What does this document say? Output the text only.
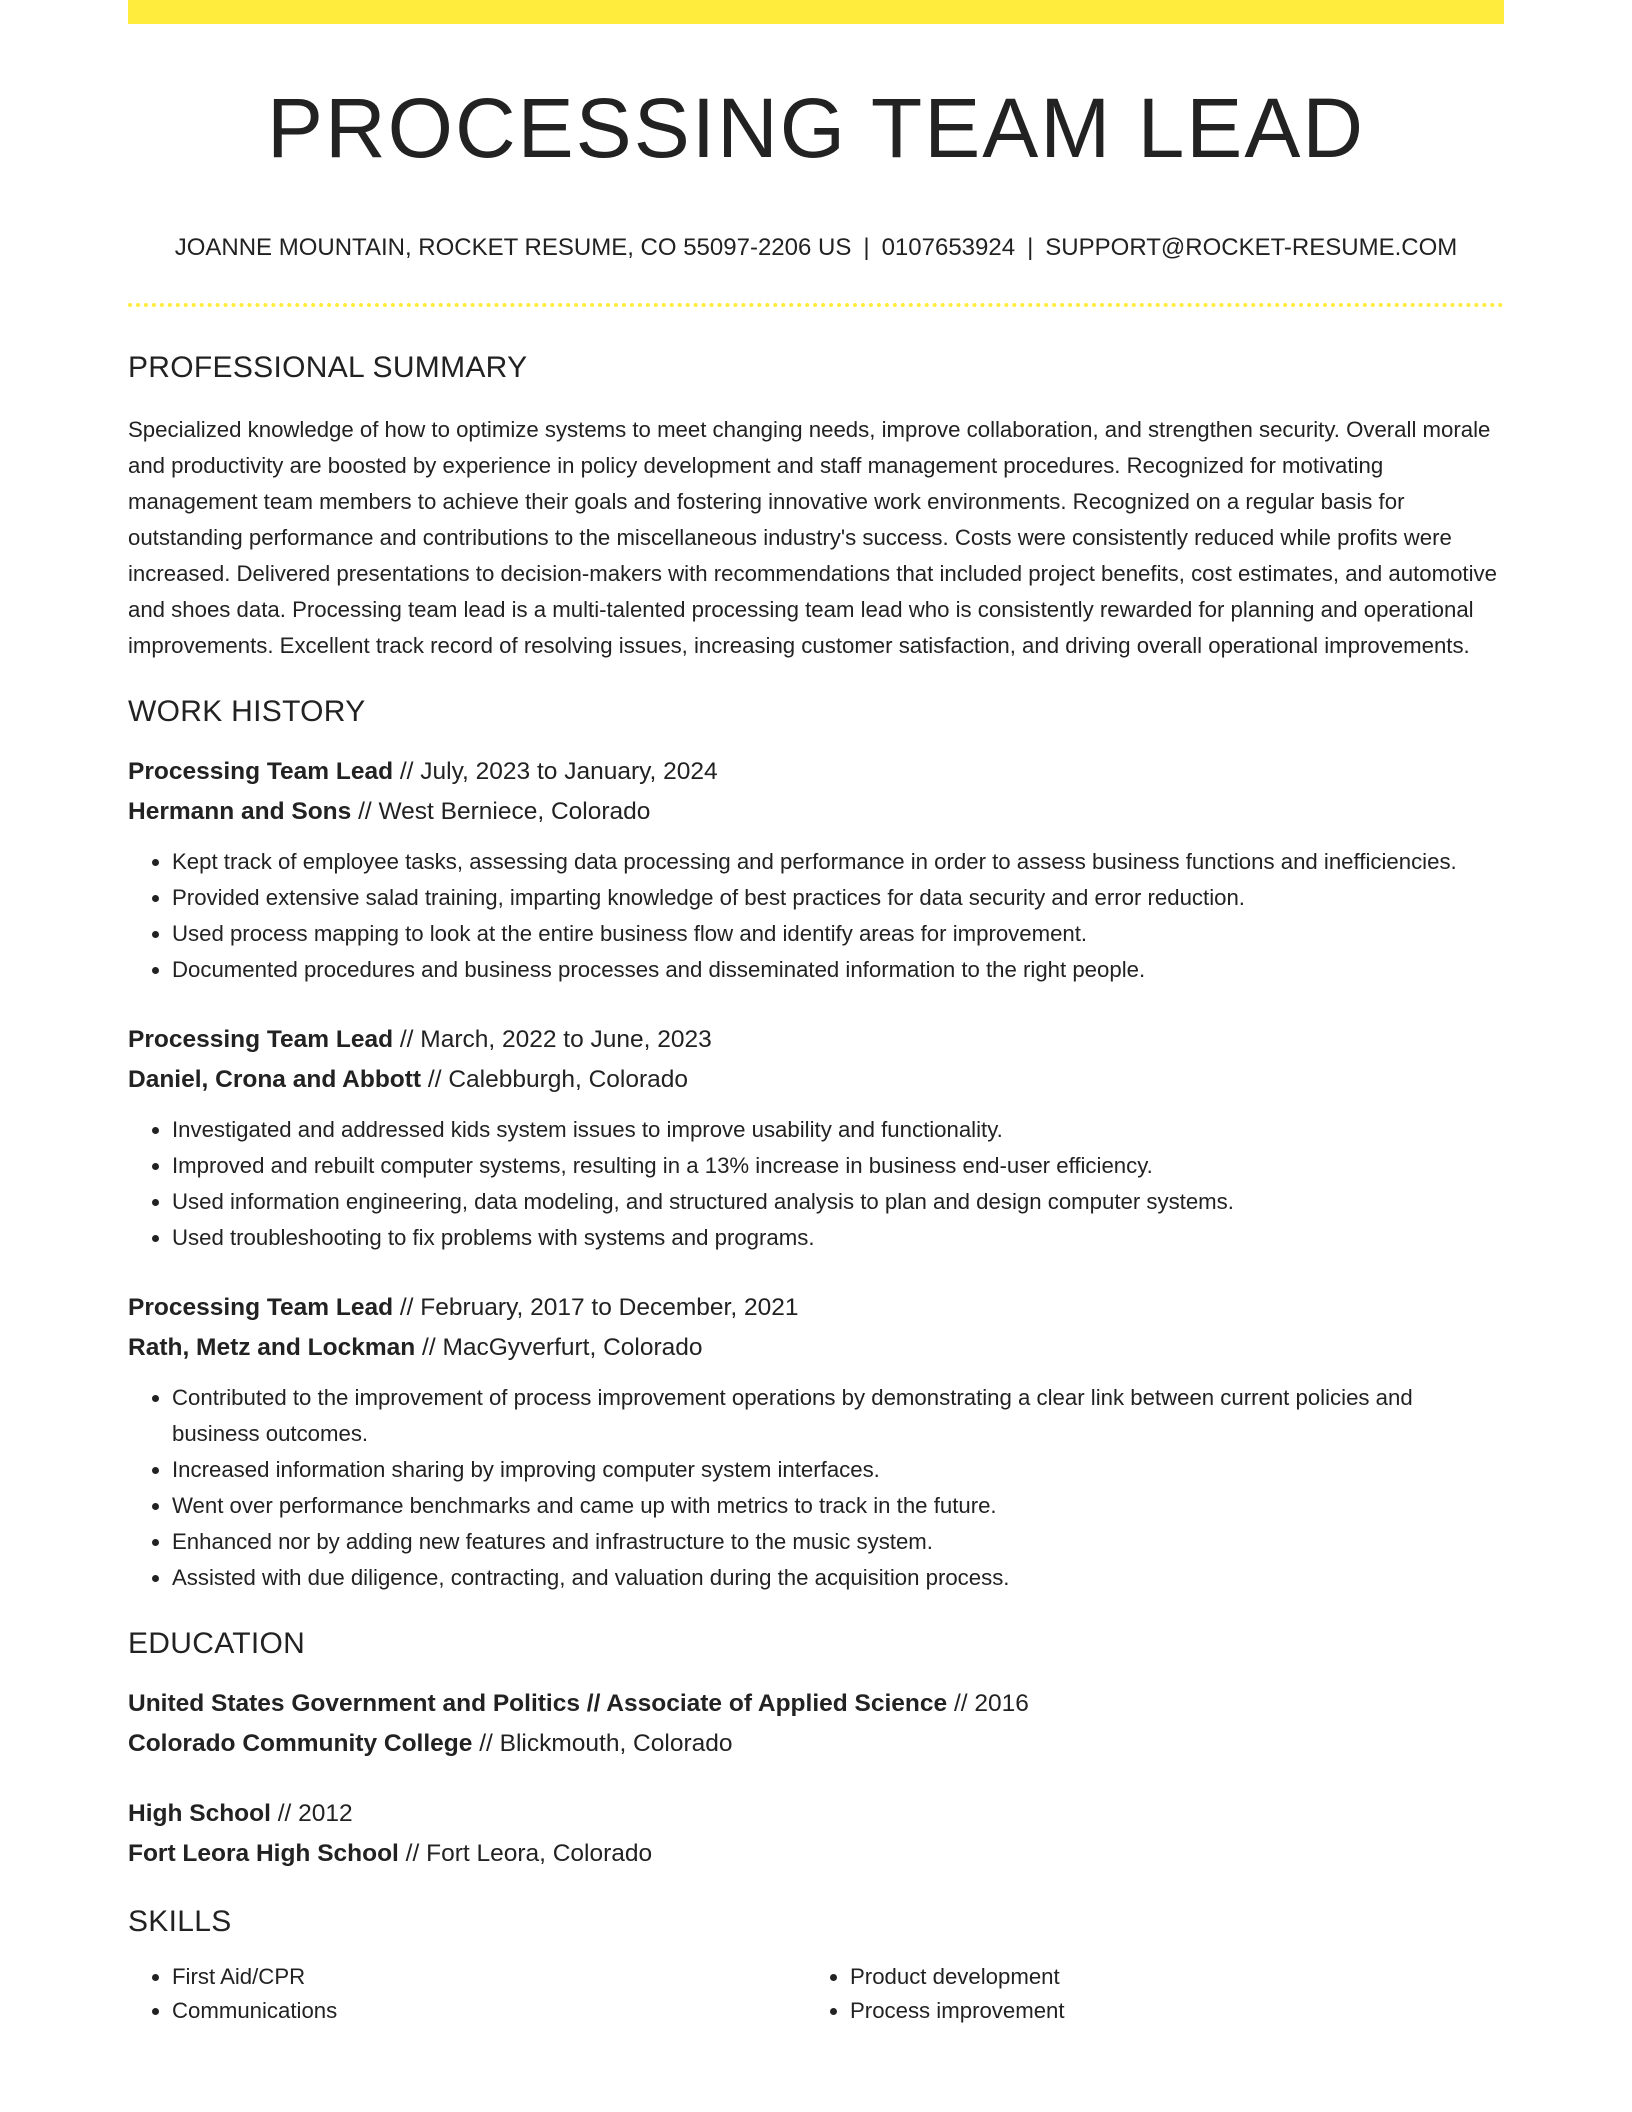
PROCESSING TEAM LEAD
JOANNE MOUNTAIN, ROCKET RESUME, CO 55097-2206 US | 0107653924 | SUPPORT@ROCKET-RESUME.COM
PROFESSIONAL SUMMARY
Specialized knowledge of how to optimize systems to meet changing needs, improve collaboration, and strengthen security. Overall morale and productivity are boosted by experience in policy development and staff management procedures. Recognized for motivating management team members to achieve their goals and fostering innovative work environments. Recognized on a regular basis for outstanding performance and contributions to the miscellaneous industry's success. Costs were consistently reduced while profits were increased. Delivered presentations to decision-makers with recommendations that included project benefits, cost estimates, and automotive and shoes data. Processing team lead is a multi-talented processing team lead who is consistently rewarded for planning and operational improvements. Excellent track record of resolving issues, increasing customer satisfaction, and driving overall operational improvements.
WORK HISTORY
Processing Team Lead // July, 2023 to January, 2024
Hermann and Sons // West Berniece, Colorado
• Kept track of employee tasks, assessing data processing and performance in order to assess business functions and inefficiencies.
• Provided extensive salad training, imparting knowledge of best practices for data security and error reduction.
• Used process mapping to look at the entire business flow and identify areas for improvement.
• Documented procedures and business processes and disseminated information to the right people.
Processing Team Lead // March, 2022 to June, 2023
Daniel, Crona and Abbott // Calebburgh, Colorado
• Investigated and addressed kids system issues to improve usability and functionality.
• Improved and rebuilt computer systems, resulting in a 13% increase in business end-user efficiency.
• Used information engineering, data modeling, and structured analysis to plan and design computer systems.
• Used troubleshooting to fix problems with systems and programs.
Processing Team Lead // February, 2017 to December, 2021
Rath, Metz and Lockman // MacGyverfurt, Colorado
• Contributed to the improvement of process improvement operations by demonstrating a clear link between current policies and business outcomes.
• Increased information sharing by improving computer system interfaces.
• Went over performance benchmarks and came up with metrics to track in the future.
• Enhanced nor by adding new features and infrastructure to the music system.
• Assisted with due diligence, contracting, and valuation during the acquisition process.
EDUCATION
United States Government and Politics // Associate of Applied Science // 2016
Colorado Community College // Blickmouth, Colorado
High School // 2012
Fort Leora High School // Fort Leora, Colorado
SKILLS
• First Aid/CPR
• Communications
• Product development
• Process improvement
